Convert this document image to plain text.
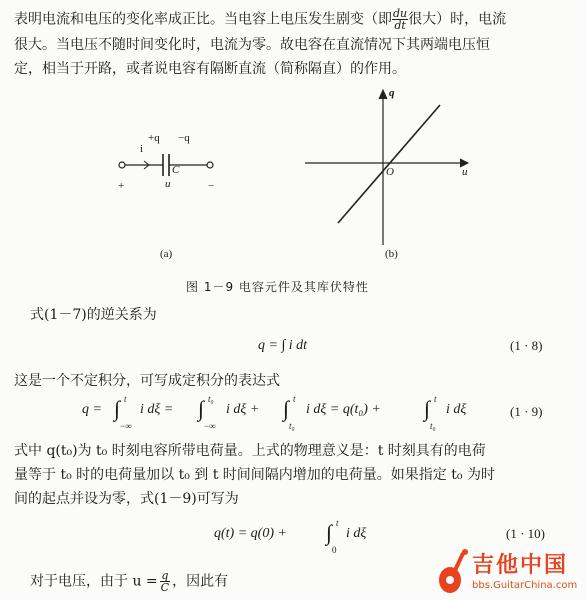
表明电流和电压的变化率成正比。当电容上电压发生剧变（即 $\frac{du}{dt}$ 很大）时，电流
很大。当电压不随时间变化时，电流为零。故电容在直流情况下其两端电压恒
定，相当于开路，或者说电容有隔断直流（简称隔直）的作用。
i
+q −q
C
u
+	−
(a)
q
u
O
(b)
图 1－9 电容元件及其库伏特性
式(1－7)的逆关系为
q = ∫ i dt	(1 · 8)
这是一个不定积分，可写成定积分的表达式
q = ∫ t
−∞
i dξ = ∫ t₀
−∞
i dξ + ∫ t
t₀
i dξ = q(t₀) + ∫ t
t₀
i dξ	(1 · 9)
式中 q(t₀)为 t₀ 时刻电容所带电荷量。上式的物理意义是：t 时刻具有的电荷
量等于 t₀ 时的电荷量加以 t₀ 到 t 时间间隔内增加的电荷量。如果指定 t₀ 为时
间的起点并设为零，式(1－9)可写为
q(t) = q(0) + ∫ t
0
i dξ	(1 · 10)
对于电压，由于 $u = \frac{q}{C}$ ，因此有
吉他中国
bbs.GuitarChina.com
